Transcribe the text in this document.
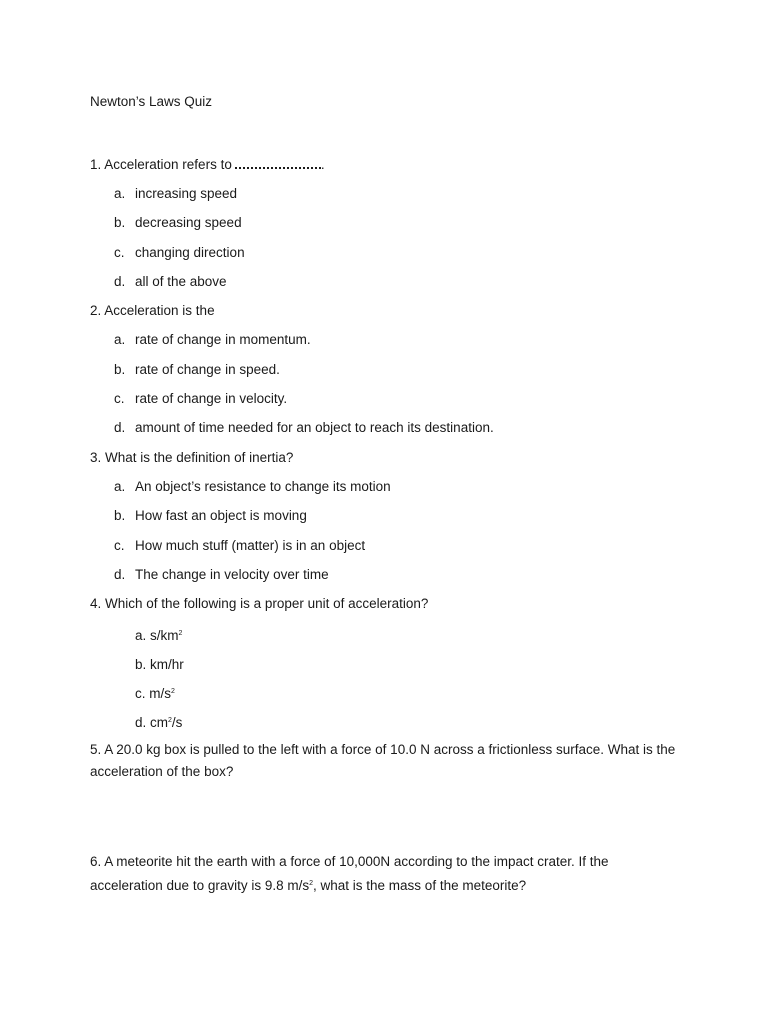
Newton’s Laws Quiz
1. Acceleration refers to	.
a. increasing speed
b. decreasing speed
c. changing direction
d. all of the above
2. Acceleration is the
a. rate of change in momentum.
b. rate of change in speed.
c. rate of change in velocity.
d. amount of time needed for an object to reach its destination.
3. What is the definition of inertia?
a. An object’s resistance to change its motion
b. How fast an object is moving
c. How much stuff (matter) is in an object
d. The change in velocity over time
4. Which of the following is a proper unit of acceleration?
a. $s/km^2$
b. km/hr
c. $m/s^2$
d. $cm^2/s$
5. A 20.0 kg box is pulled to the left with a force of 10.0 N across a frictionless surface. What is the acceleration of the box?
6. A meteorite hit the earth with a force of 10,000N according to the impact crater. If the acceleration due to gravity is 9.8 $m/s^2$, what is the mass of the meteorite?
